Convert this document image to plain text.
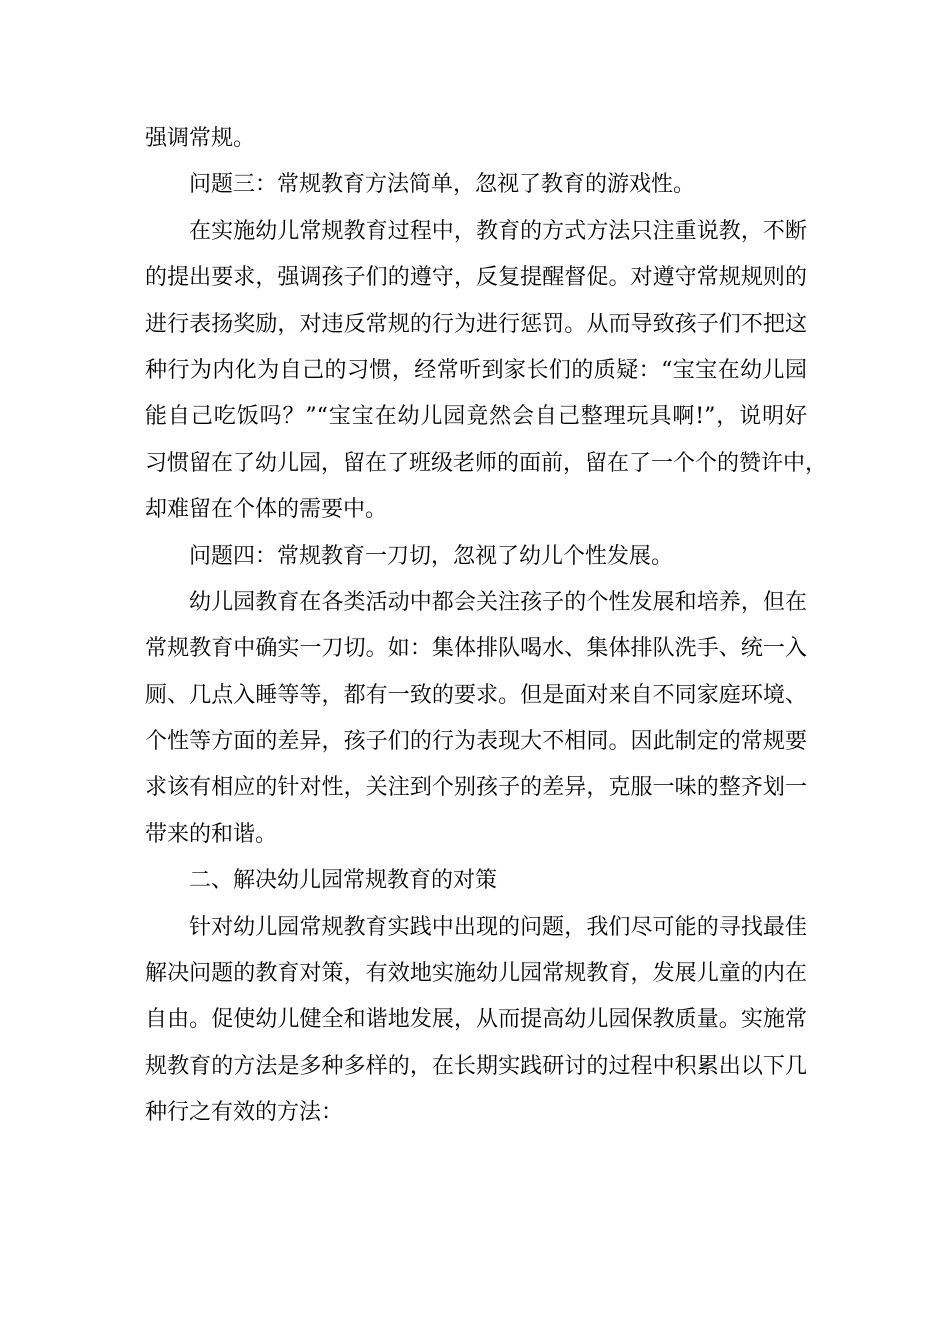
强调常规。
问题三：常规教育方法简单，忽视了教育的游戏性。
在实施幼儿常规教育过程中，教育的方式方法只注重说教，不断
的提出要求，强调孩子们的遵守，反复提醒督促。对遵守常规规则的
进行表扬奖励，对违反常规的行为进行惩罚。从而导致孩子们不把这
种行为内化为自己的习惯，经常听到家长们的质疑：“宝宝在幼儿园
能自己吃饭吗？”“宝宝在幼儿园竟然会自己整理玩具啊!”，说明好
习惯留在了幼儿园，留在了班级老师的面前，留在了一个个的赞许中，
却难留在个体的需要中。
问题四：常规教育一刀切，忽视了幼儿个性发展。
幼儿园教育在各类活动中都会关注孩子的个性发展和培养，但在
常规教育中确实一刀切。如：集体排队喝水、集体排队洗手、统一入
厕、几点入睡等等，都有一致的要求。但是面对来自不同家庭环境、
个性等方面的差异，孩子们的行为表现大不相同。因此制定的常规要
求该有相应的针对性，关注到个别孩子的差异，克服一味的整齐划一
带来的和谐。
二、解决幼儿园常规教育的对策
针对幼儿园常规教育实践中出现的问题，我们尽可能的寻找最佳
解决问题的教育对策，有效地实施幼儿园常规教育，发展儿童的内在
自由。促使幼儿健全和谐地发展，从而提高幼儿园保教质量。实施常
规教育的方法是多种多样的，在长期实践研讨的过程中积累出以下几
种行之有效的方法：
